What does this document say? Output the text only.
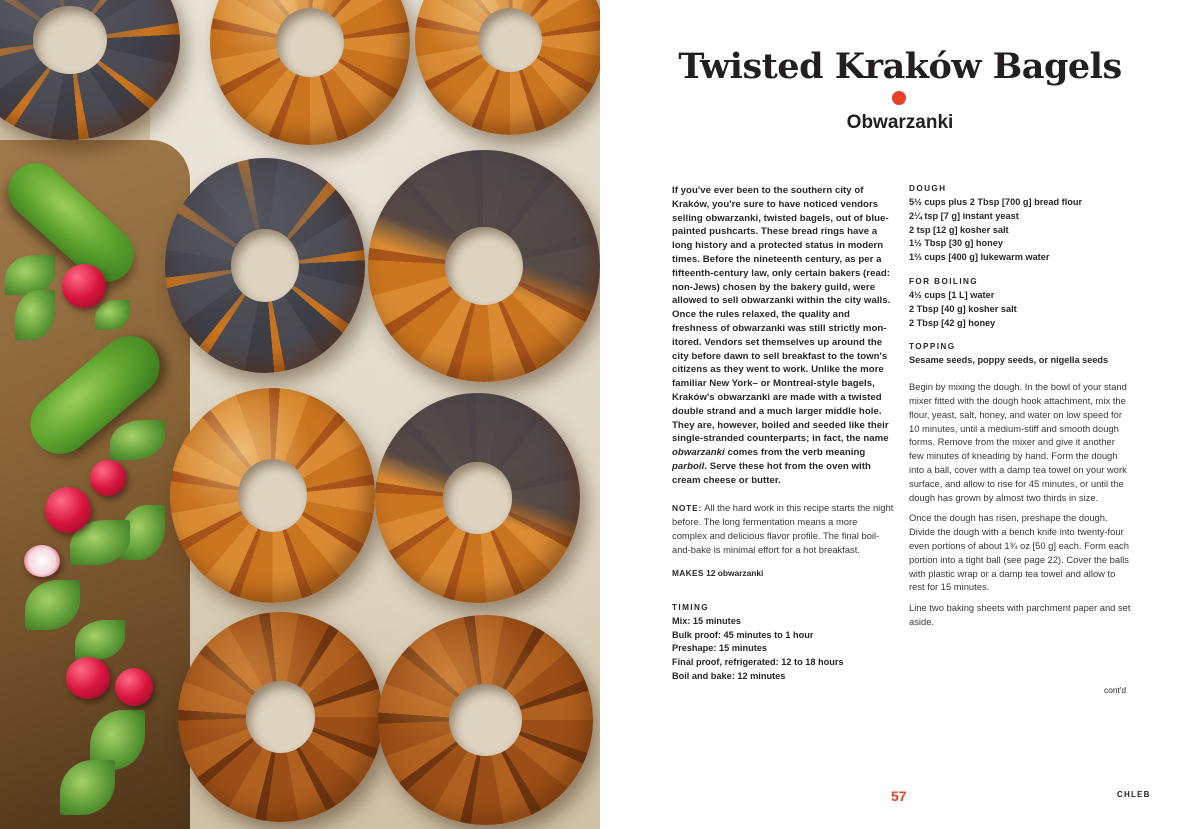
Twisted Kraków Bagels
Obwarzanki

If you've ever been to the southern city of Kraków, you're sure to have noticed vendors selling obwarzanki, twisted bagels, out of blue-painted pushcarts. These bread rings have a long history and a protected status in modern times. Before the nineteenth century, as per a fifteenth-century law, only certain bakers (read: non-Jews) chosen by the bakery guild, were allowed to sell obwarzanki within the city walls. Once the rules relaxed, the quality and freshness of obwarzanki was still strictly mon-itored. Vendors set themselves up around the city before dawn to sell breakfast to the town's citizens as they went to work. Unlike the more familiar New York– or Montreal-style bagels, Kraków's obwarzanki are made with a twisted double strand and a much larger middle hole. They are, however, boiled and seeded like their single-stranded counterparts; in fact, the name obwarzanki comes from the verb meaning parboil. Serve these hot from the oven with cream cheese or butter.

NOTE: All the hard work in this recipe starts the night before. The long fermentation means a more complex and delicious flavor profile. The final boil-and-bake is minimal effort for a hot breakfast.

MAKES 12 obwarzanki

TIMING
Mix: 15 minutes
Bulk proof: 45 minutes to 1 hour
Preshape: 15 minutes
Final proof, refrigerated: 12 to 18 hours
Boil and bake: 12 minutes
DOUGH
5½ cups plus 2 Tbsp [700 g] bread flour
2¼ tsp [7 g] instant yeast
2 tsp [12 g] kosher salt
1½ Tbsp [30 g] honey
1⅔ cups [400 g] lukewarm water
FOR BOILING
4½ cups [1 L] water
2 Tbsp [40 g] kosher salt
2 Tbsp [42 g] honey
TOPPING
Sesame seeds, poppy seeds, or nigella seeds

Begin by mixing the dough. In the bowl of your stand mixer fitted with the dough hook attachment, mix the flour, yeast, salt, honey, and water on low speed for 10 minutes, until a medium-stiff and smooth dough forms. Remove from the mixer and give it another few minutes of kneading by hand. Form the dough into a ball, cover with a damp tea towel on your work surface, and allow to rise for 45 minutes, or until the dough has grown by almost two thirds in size.

Once the dough has risen, preshape the dough. Divide the dough with a bench knife into twenty-four even portions of about 1¾ oz [50 g] each. Form each portion into a tight ball (see page 22). Cover the balls with plastic wrap or a damp tea towel and allow to rest for 15 minutes.

Line two baking sheets with parchment paper and set aside.

cont'd
57	CHLEB
